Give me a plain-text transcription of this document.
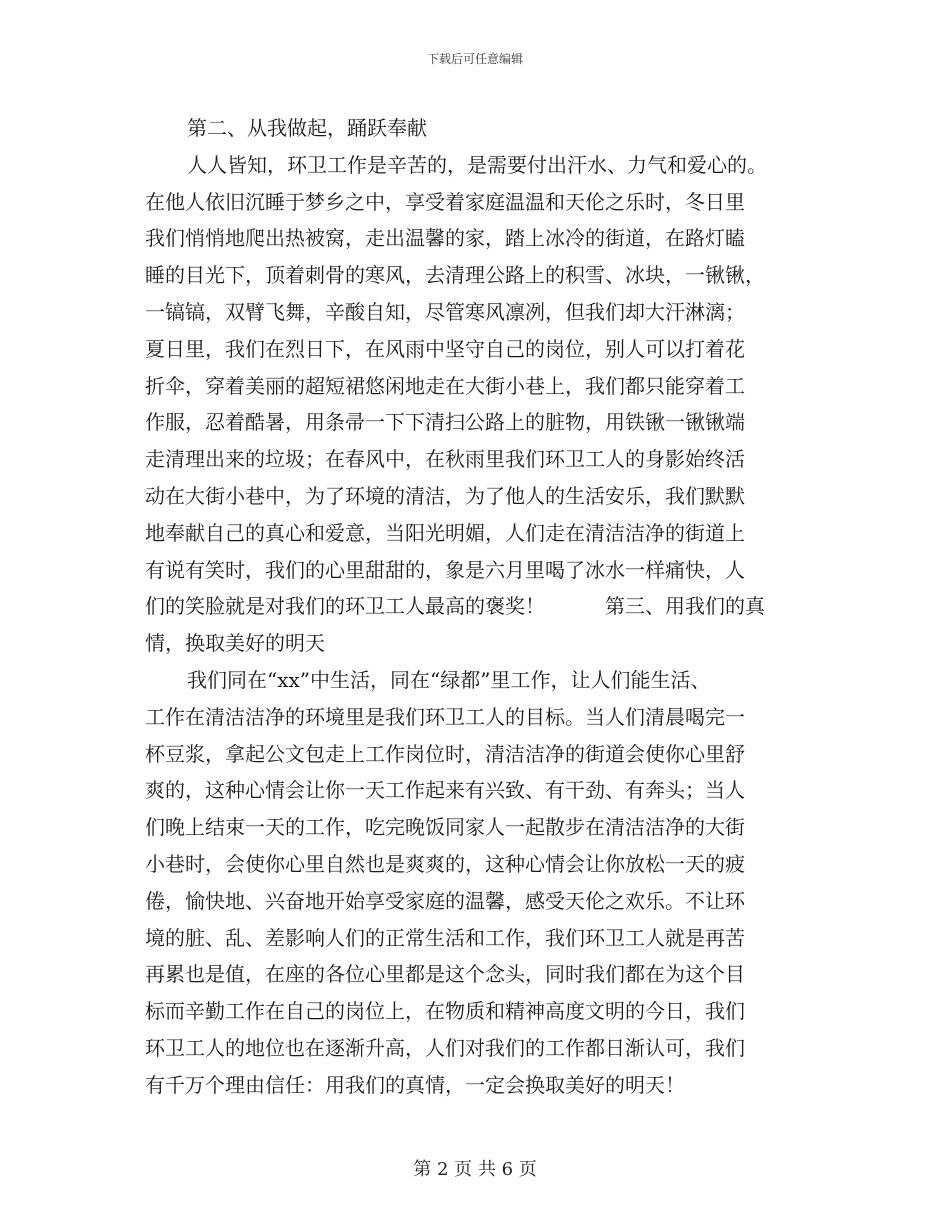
下载后可任意编辑
第二、从我做起，踊跃奉献
人人皆知，环卫工作是辛苦的，是需要付出汗水、力气和爱心的。
在他人依旧沉睡于梦乡之中，享受着家庭温温和天伦之乐时，冬日里
我们悄悄地爬出热被窝，走出温馨的家，踏上冰冷的街道，在路灯瞌
睡的目光下，顶着刺骨的寒风，去清理公路上的积雪、冰块，一锹锹，
一镐镐，双臂飞舞，辛酸自知，尽管寒风凛冽，但我们却大汗淋漓；
夏日里，我们在烈日下，在风雨中坚守自己的岗位，别人可以打着花
折伞，穿着美丽的超短裙悠闲地走在大街小巷上，我们都只能穿着工
作服，忍着酷暑，用条帚一下下清扫公路上的脏物，用铁锹一锹锹端
走清理出来的垃圾；在春风中，在秋雨里我们环卫工人的身影始终活
动在大街小巷中，为了环境的清洁，为了他人的生活安乐，我们默默
地奉献自己的真心和爱意，当阳光明媚，人们走在清洁洁净的街道上
有说有笑时，我们的心里甜甜的，象是六月里喝了冰水一样痛快，人
们的笑脸就是对我们的环卫工人最高的褒奖！　　　第三、用我们的真
情，换取美好的明天
我们同在“xx”中生活，同在“绿都”里工作，让人们能生活、
工作在清洁洁净的环境里是我们环卫工人的目标。当人们清晨喝完一
杯豆浆，拿起公文包走上工作岗位时，清洁洁净的街道会使你心里舒
爽的，这种心情会让你一天工作起来有兴致、有干劲、有奔头；当人
们晚上结束一天的工作，吃完晚饭同家人一起散步在清洁洁净的大街
小巷时，会使你心里自然也是爽爽的，这种心情会让你放松一天的疲
倦，愉快地、兴奋地开始享受家庭的温馨，感受天伦之欢乐。不让环
境的脏、乱、差影响人们的正常生活和工作，我们环卫工人就是再苦
再累也是值，在座的各位心里都是这个念头，同时我们都在为这个目
标而辛勤工作在自己的岗位上，在物质和精神高度文明的今日，我们
环卫工人的地位也在逐渐升高，人们对我们的工作都日渐认可，我们
有千万个理由信任：用我们的真情，一定会换取美好的明天！
第 2 页 共 6 页
